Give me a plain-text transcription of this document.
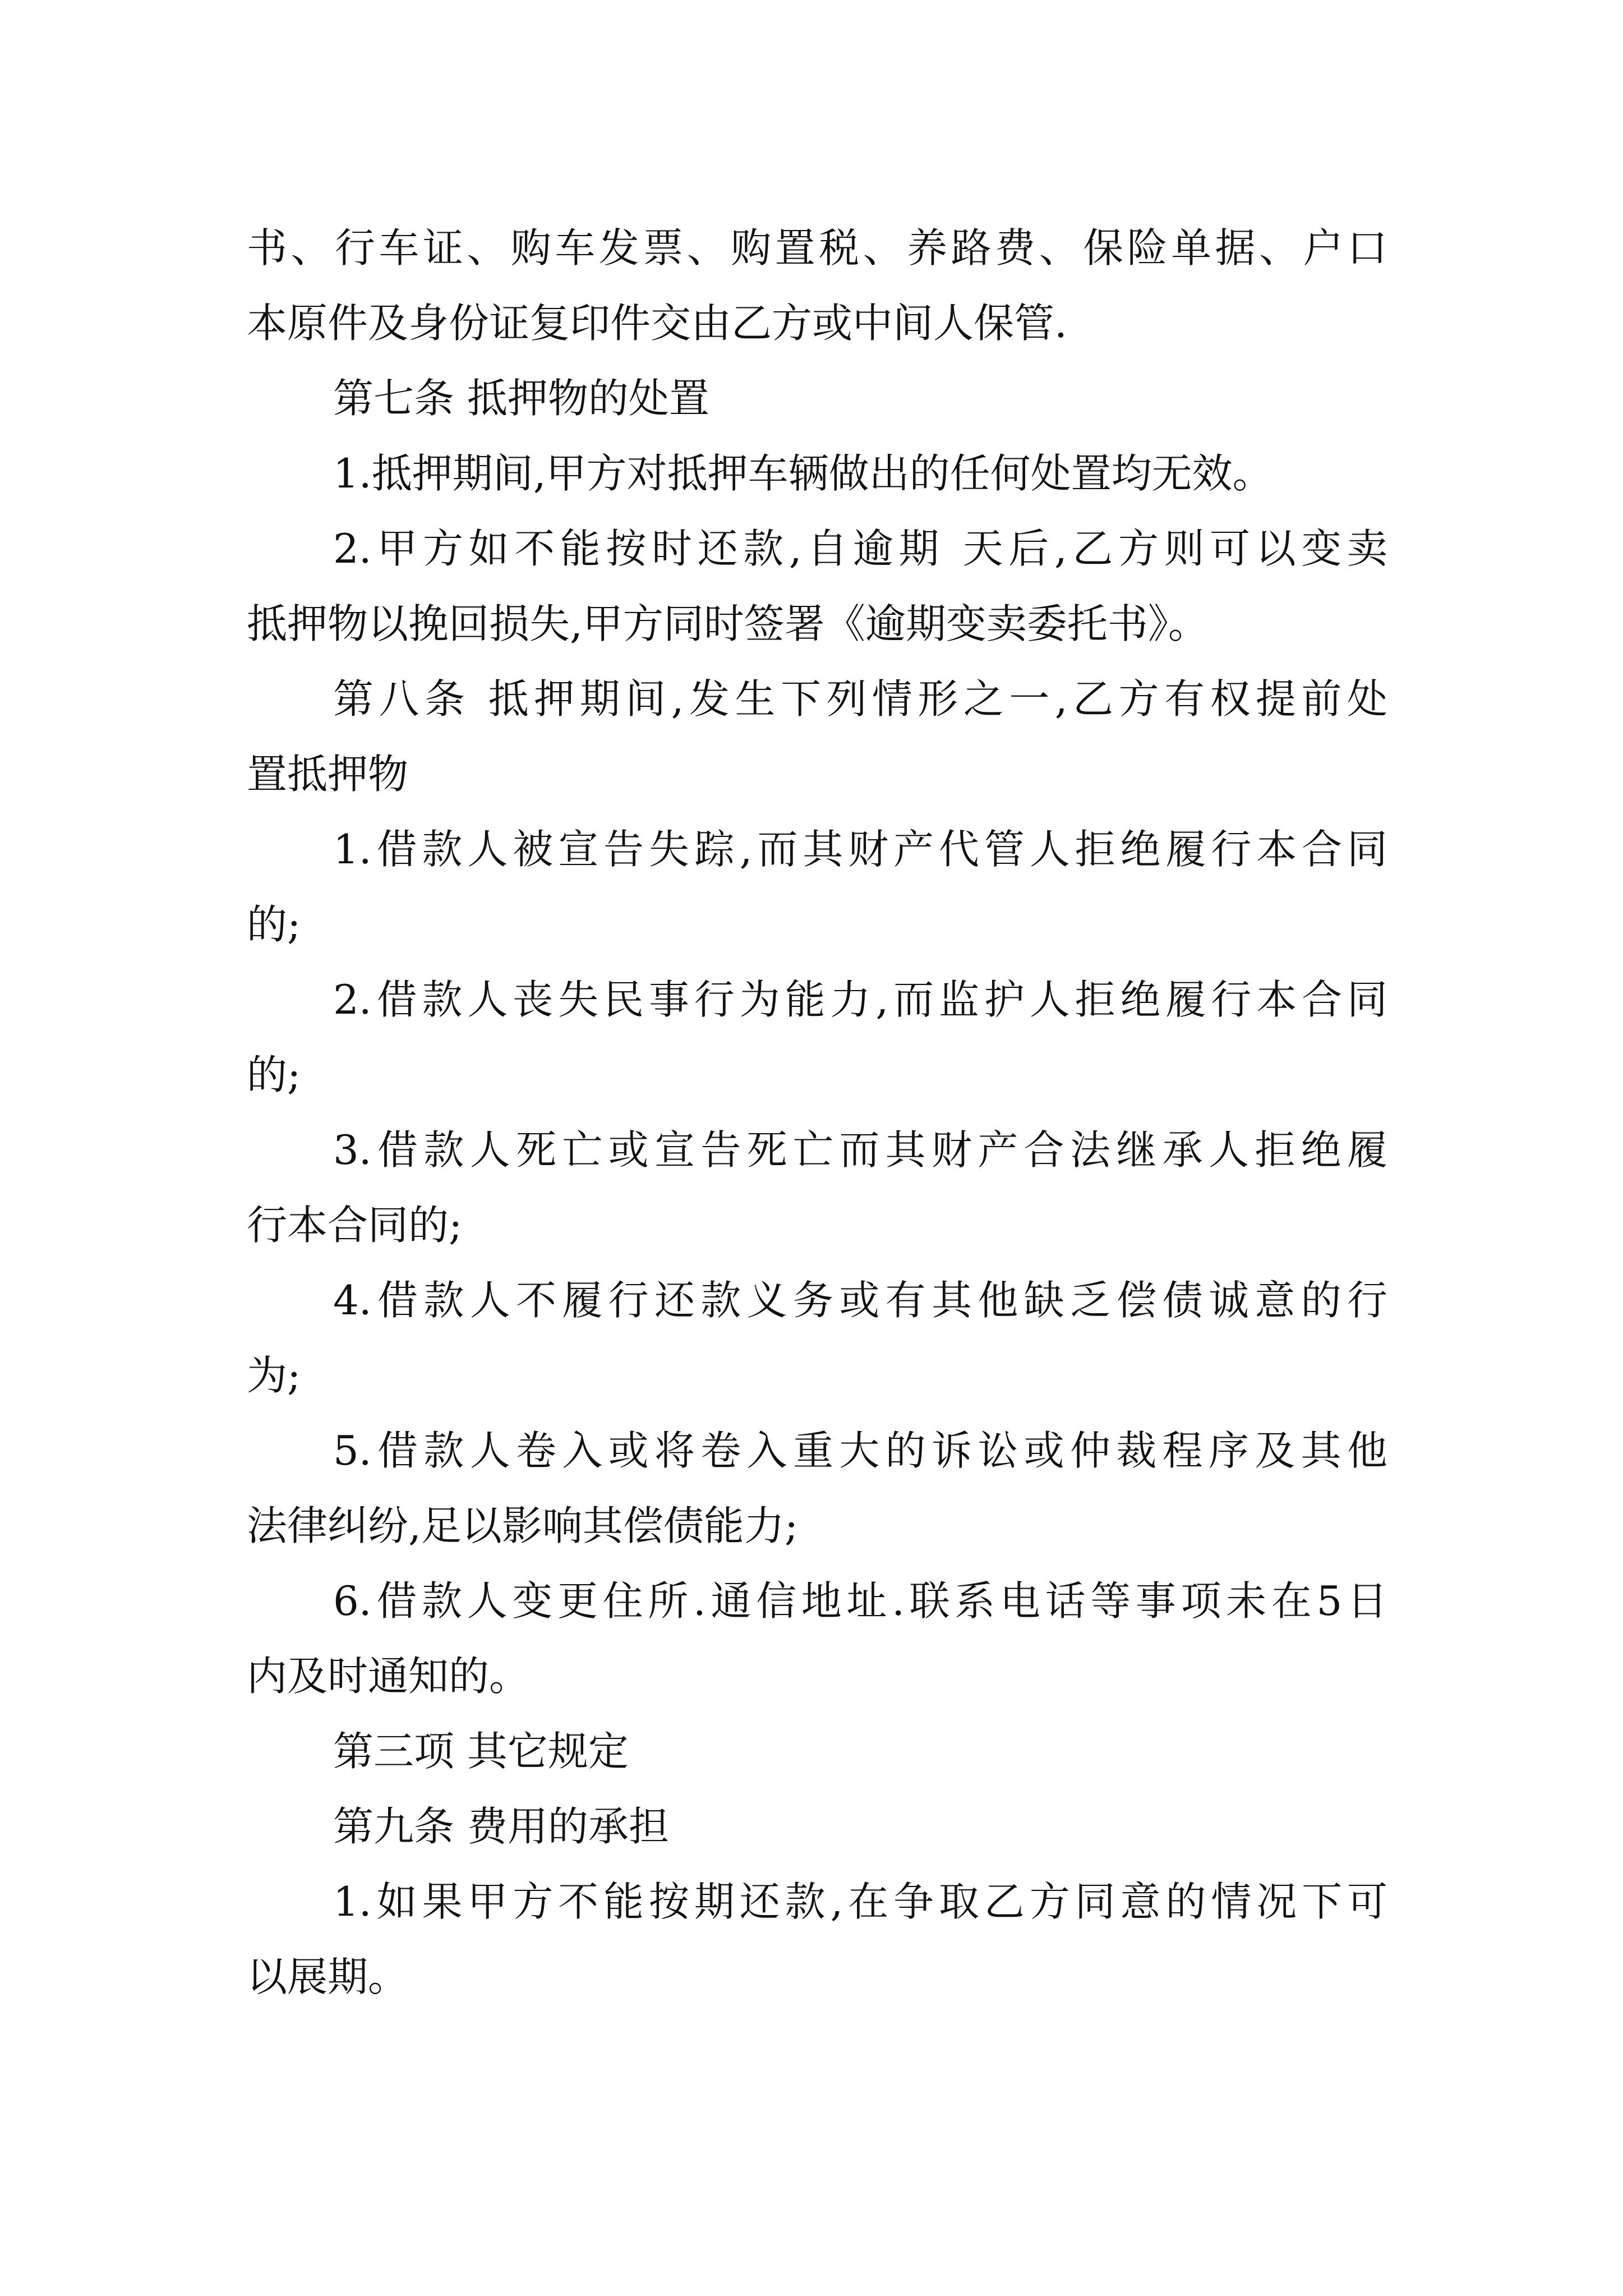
书、行车证、购车发票、购置税、养路费、保险单据、户口
本原件及身份证复印件交由乙方或中间人保管.
第七条 抵押物的处置
1.抵押期间,甲方对抵押车辆做出的任何处置均无效。
2.甲方如不能按时还款,自逾期 天后,乙方则可以变卖
抵押物以挽回损失,甲方同时签署《逾期变卖委托书》。
第八条 抵押期间,发生下列情形之一,乙方有权提前处
置抵押物
1.借款人被宣告失踪,而其财产代管人拒绝履行本合同
的;
2.借款人丧失民事行为能力,而监护人拒绝履行本合同
的;
3.借款人死亡或宣告死亡而其财产合法继承人拒绝履
行本合同的;
4.借款人不履行还款义务或有其他缺乏偿债诚意的行
为;
5.借款人卷入或将卷入重大的诉讼或仲裁程序及其他
法律纠纷,足以影响其偿债能力;
6.借款人变更住所.通信地址.联系电话等事项未在5日
内及时通知的。
第三项 其它规定
第九条 费用的承担
1.如果甲方不能按期还款,在争取乙方同意的情况下可
以展期。
